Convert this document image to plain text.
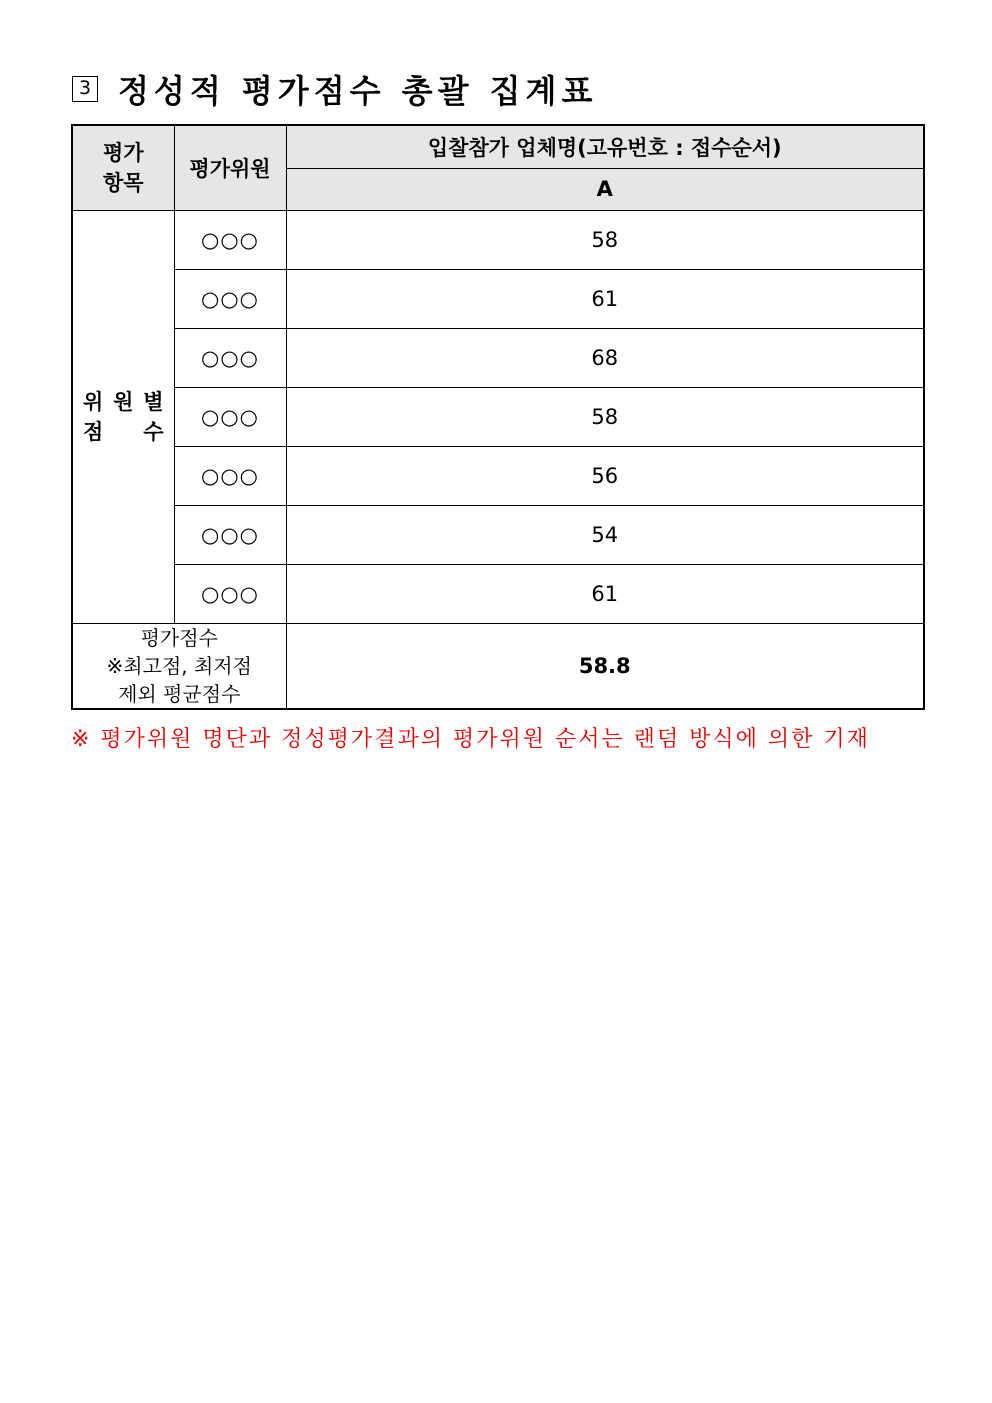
3 정성적 평가점수 총괄 집계표
평가
항목	평가위원	입찰참가 업체명(고유번호 : 접수순서)
		A

위 원 별
점 수	○○○	58
	○○○	61
	○○○	68
	○○○	58
	○○○	56
	○○○	54
	○○○	61

평가점수
※최고점, 최저점
제외 평균점수		58.8
※ 평가위원 명단과 정성평가결과의 평가위원 순서는 랜덤 방식에 의한 기재
